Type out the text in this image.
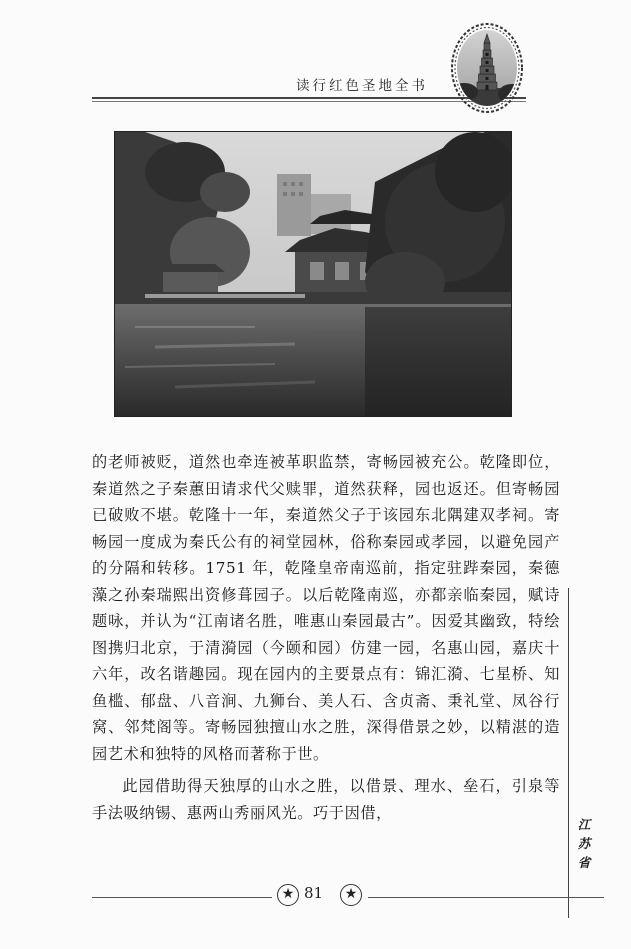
读行红色圣地全书

的老师被贬，道然也牵连被革职监禁，寄畅园被充公。乾隆即位，秦道然之子秦蕙田请求代父赎罪，道然获释，园也返还。但寄畅园已破败不堪。乾隆十一年，秦道然父子于该园东北隅建双孝祠。寄畅园一度成为秦氏公有的祠堂园林，俗称秦园或孝园，以避免园产的分隔和转移。1751 年，乾隆皇帝南巡前，指定驻跸秦园，秦德藻之孙秦瑞熙出资修葺园子。以后乾隆南巡，亦都亲临秦园，赋诗题咏，并认为“江南诸名胜，唯惠山秦园最古”。因爱其幽致，特绘图携归北京，于清漪园（今颐和园）仿建一园，名惠山园，嘉庆十六年，改名谐趣园。现在园内的主要景点有：锦汇漪、七星桥、知鱼槛、郁盘、八音涧、九狮台、美人石、含贞斋、秉礼堂、凤谷行窝、邻梵阁等。寄畅园独擅山水之胜，深得借景之妙，以精湛的造园艺术和独特的风格而著称于世。

此园借助得天独厚的山水之胜，以借景、理水、垒石，引泉等手法吸纳锡、惠两山秀丽风光。巧于因借，

江苏省
★ 81	★
